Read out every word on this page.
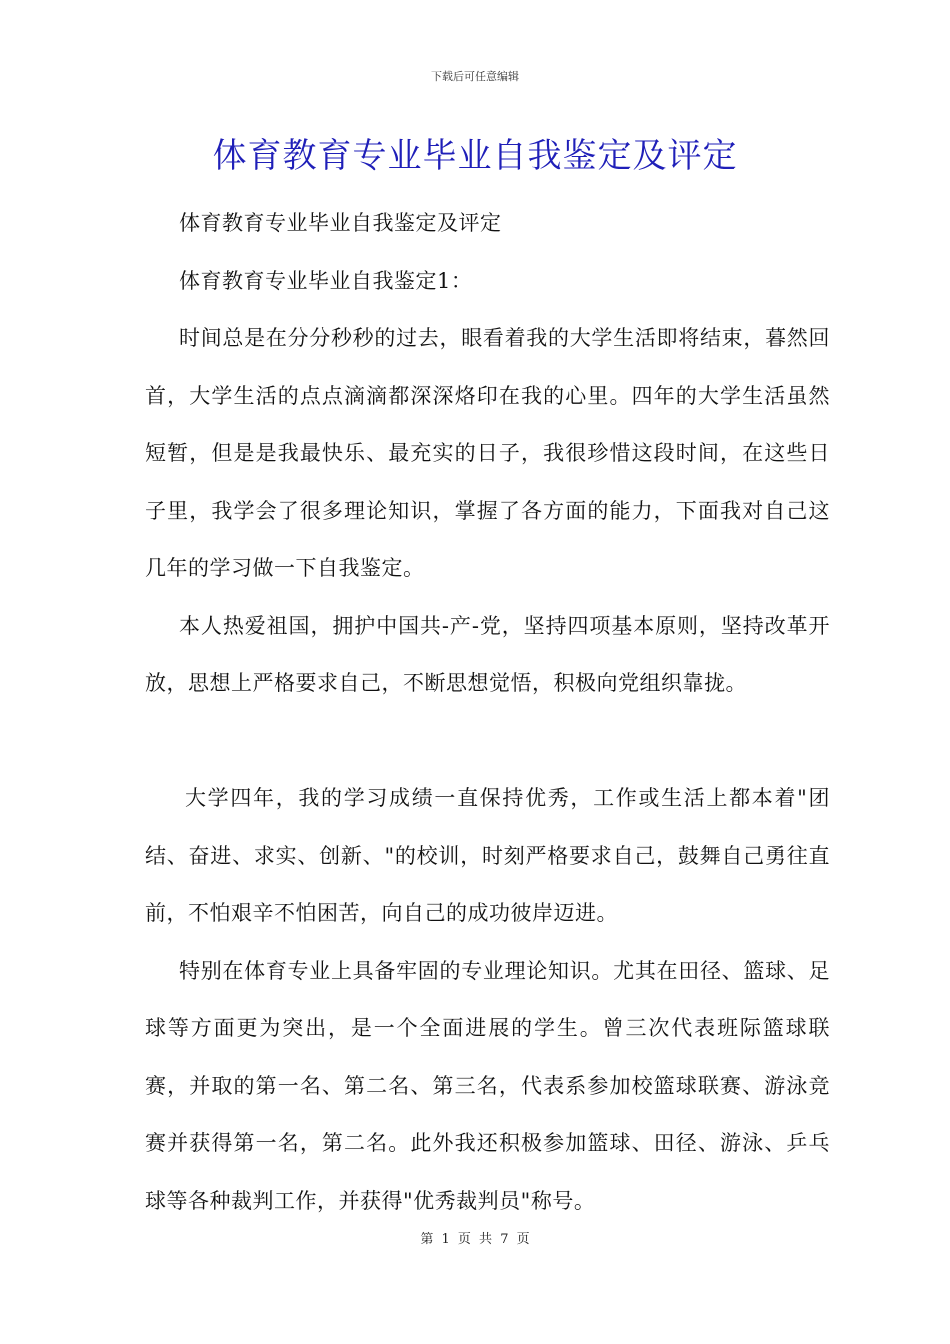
下载后可任意编辑
体育教育专业毕业自我鉴定及评定

体育教育专业毕业自我鉴定及评定

体育教育专业毕业自我鉴定1：

时间总是在分分秒秒的过去，眼看着我的大学生活即将结束，暮然回首，大学生活的点点滴滴都深深烙印在我的心里。四年的大学生活虽然短暂，但是是我最快乐、最充实的日子，我很珍惜这段时间，在这些日子里，我学会了很多理论知识，掌握了各方面的能力，下面我对自己这几年的学习做一下自我鉴定。

本人热爱祖国，拥护中国共-产-党，坚持四项基本原则，坚持改革开放，思想上严格要求自己，不断思想觉悟，积极向党组织靠拢。

大学四年，我的学习成绩一直保持优秀，工作或生活上都本着"团结、奋进、求实、创新、"的校训，时刻严格要求自己，鼓舞自己勇往直前，不怕艰辛不怕困苦，向自己的成功彼岸迈进。

特别在体育专业上具备牢固的专业理论知识。尤其在田径、篮球、足球等方面更为突出，是一个全面进展的学生。曾三次代表班际篮球联赛，并取的第一名、第二名、第三名，代表系参加校篮球联赛、游泳竞赛并获得第一名，第二名。此外我还积极参加篮球、田径、游泳、乒乓球等各种裁判工作，并获得"优秀裁判员"称号。

第 1 页 共 7 页
